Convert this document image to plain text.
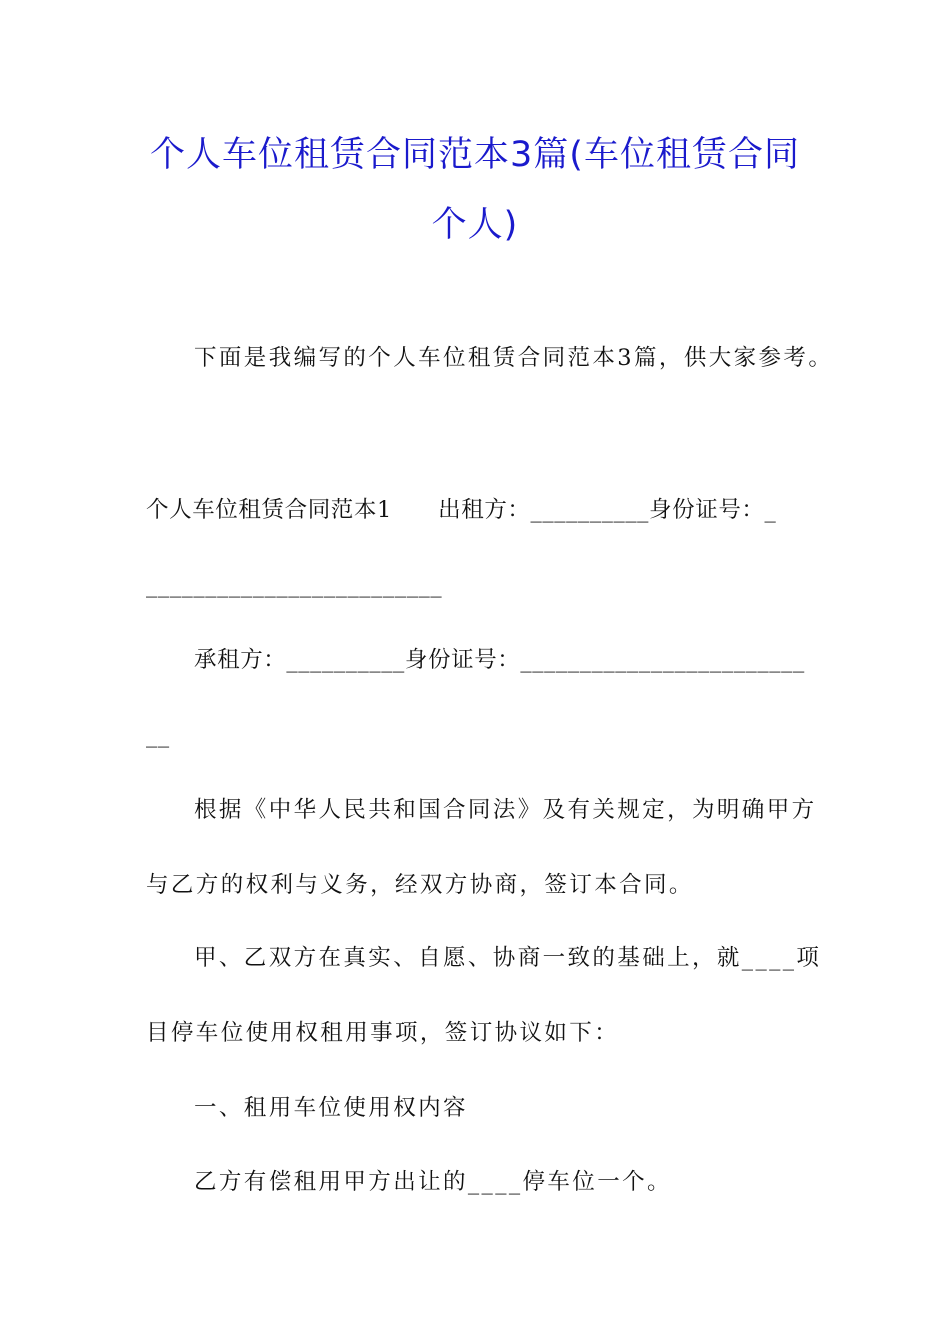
个人车位租赁合同范本3篇(车位租赁合同
个人)
下面是我编写的个人车位租赁合同范本3篇，供大家参考。
个人车位租赁合同范本1　　出租方：__________身份证号：_
_________________________
承租方：__________身份证号：________________________
__
根据《中华人民共和国合同法》及有关规定，为明确甲方
与乙方的权利与义务，经双方协商，签订本合同。
甲、乙双方在真实、自愿、协商一致的基础上，就____项
目停车位使用权租用事项，签订协议如下：
一、租用车位使用权内容
乙方有偿租用甲方出让的____停车位一个。
